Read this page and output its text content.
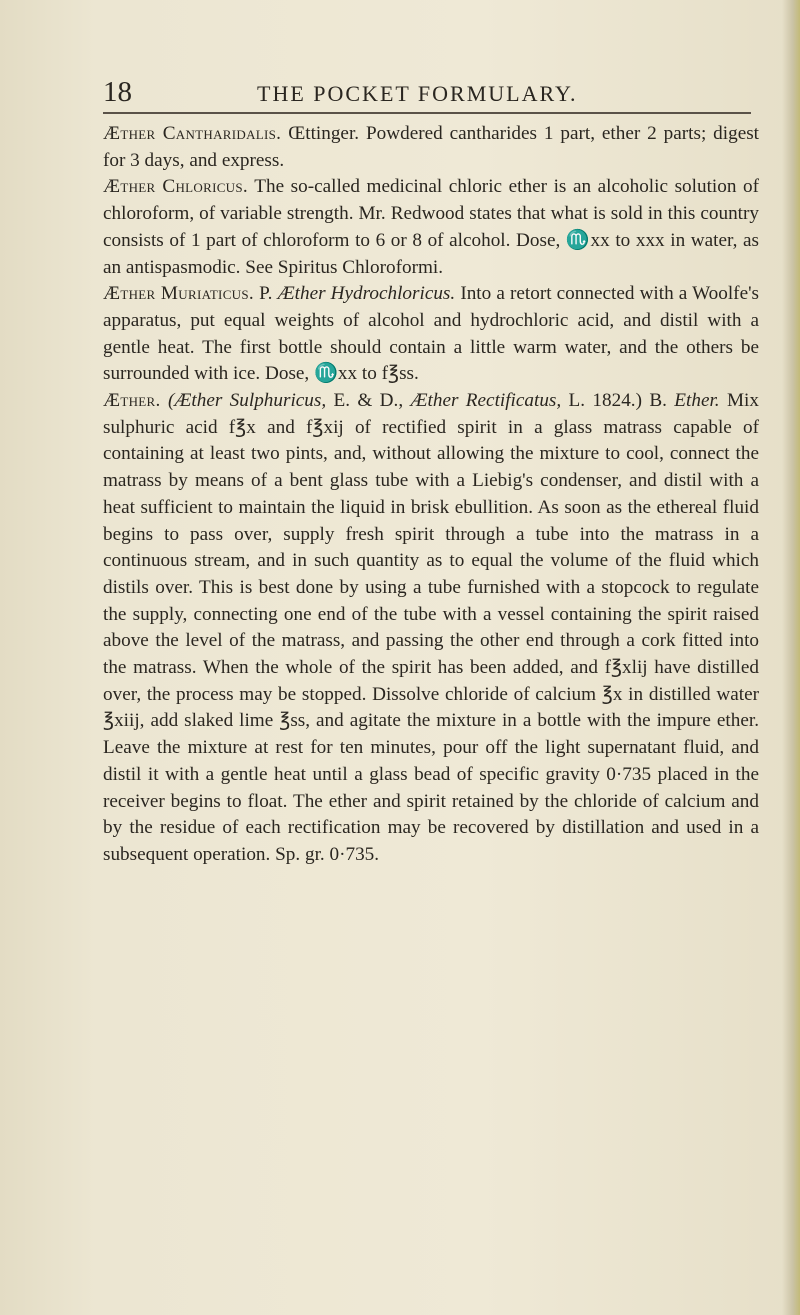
18	THE POCKET FORMULARY.

Æther Cantharidalis. Œttinger. Powdered cantharides 1 part, ether 2 parts; digest for 3 days, and express.

Æther Chloricus. The so-called medicinal chloric ether is an alcoholic solution of chloroform, of variable strength. Mr. Redwood states that what is sold in this country consists of 1 part of chloroform to 6 or 8 of alcohol. Dose, ♏xx to xxx in water, as an antispasmodic. See Spiritus Chloroformi.

Æther Muriaticus. P. Æther Hydrochloricus. Into a retort connected with a Woolfe's apparatus, put equal weights of alcohol and hydrochloric acid, and distil with a gentle heat. The first bottle should contain a little warm water, and the others be surrounded with ice. Dose, ♏xx to f℥ss.

Æther. (Æther Sulphuricus, E. & D., Æther Rectificatus, L. 1824.) B. Ether. Mix sulphuric acid f℥x and f℥xij of rectified spirit in a glass matrass capable of containing at least two pints, and, without allowing the mixture to cool, connect the matrass by means of a bent glass tube with a Liebig's condenser, and distil with a heat sufficient to maintain the liquid in brisk ebullition. As soon as the ethereal fluid begins to pass over, supply fresh spirit through a tube into the matrass in a continuous stream, and in such quantity as to equal the volume of the fluid which distils over. This is best done by using a tube furnished with a stopcock to regulate the supply, connecting one end of the tube with a vessel containing the spirit raised above the level of the matrass, and passing the other end through a cork fitted into the matrass. When the whole of the spirit has been added, and f℥xlij have distilled over, the process may be stopped. Dissolve chloride of calcium ℥x in distilled water ℥xiij, add slaked lime ℥ss, and agitate the mixture in a bottle with the impure ether. Leave the mixture at rest for ten minutes, pour off the light supernatant fluid, and distil it with a gentle heat until a glass bead of specific gravity 0·735 placed in the receiver begins to float. The ether and spirit retained by the chloride of calcium and by the residue of each rectification may be recovered by distillation and used in a subsequent operation. Sp. gr. 0·735.
